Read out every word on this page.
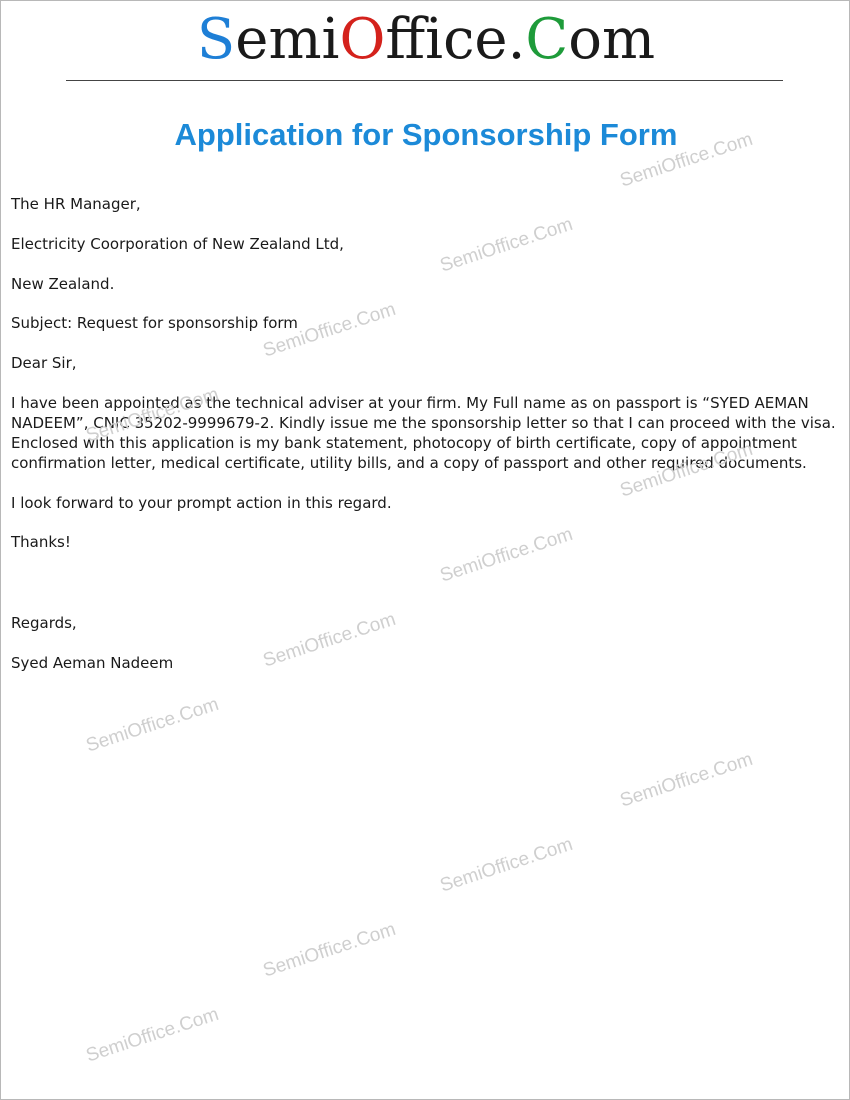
SemiOffice.Com
Application for Sponsorship Form
The HR Manager,
Electricity Coorporation of New Zealand Ltd,
New Zealand.
Subject: Request for sponsorship form
Dear Sir,
I have been appointed as the technical adviser at your firm. My Full name as on passport is “SYED AEMAN
NADEEM”, CNIC 35202-9999679-2. Kindly issue me the sponsorship letter so that I can proceed with the visa.
Enclosed with this application is my bank statement, photocopy of birth certificate, copy of appointment
confirmation letter, medical certificate, utility bills, and a copy of passport and other required documents.
I look forward to your prompt action in this regard.
Thanks!
Regards,
Syed Aeman Nadeem
SemiOffice.Com
SemiOffice.Com
SemiOffice.Com
SemiOffice.Com
SemiOffice.Com
SemiOffice.Com
SemiOffice.Com
SemiOffice.Com
SemiOffice.Com
SemiOffice.Com
SemiOffice.Com
SemiOffice.Com
